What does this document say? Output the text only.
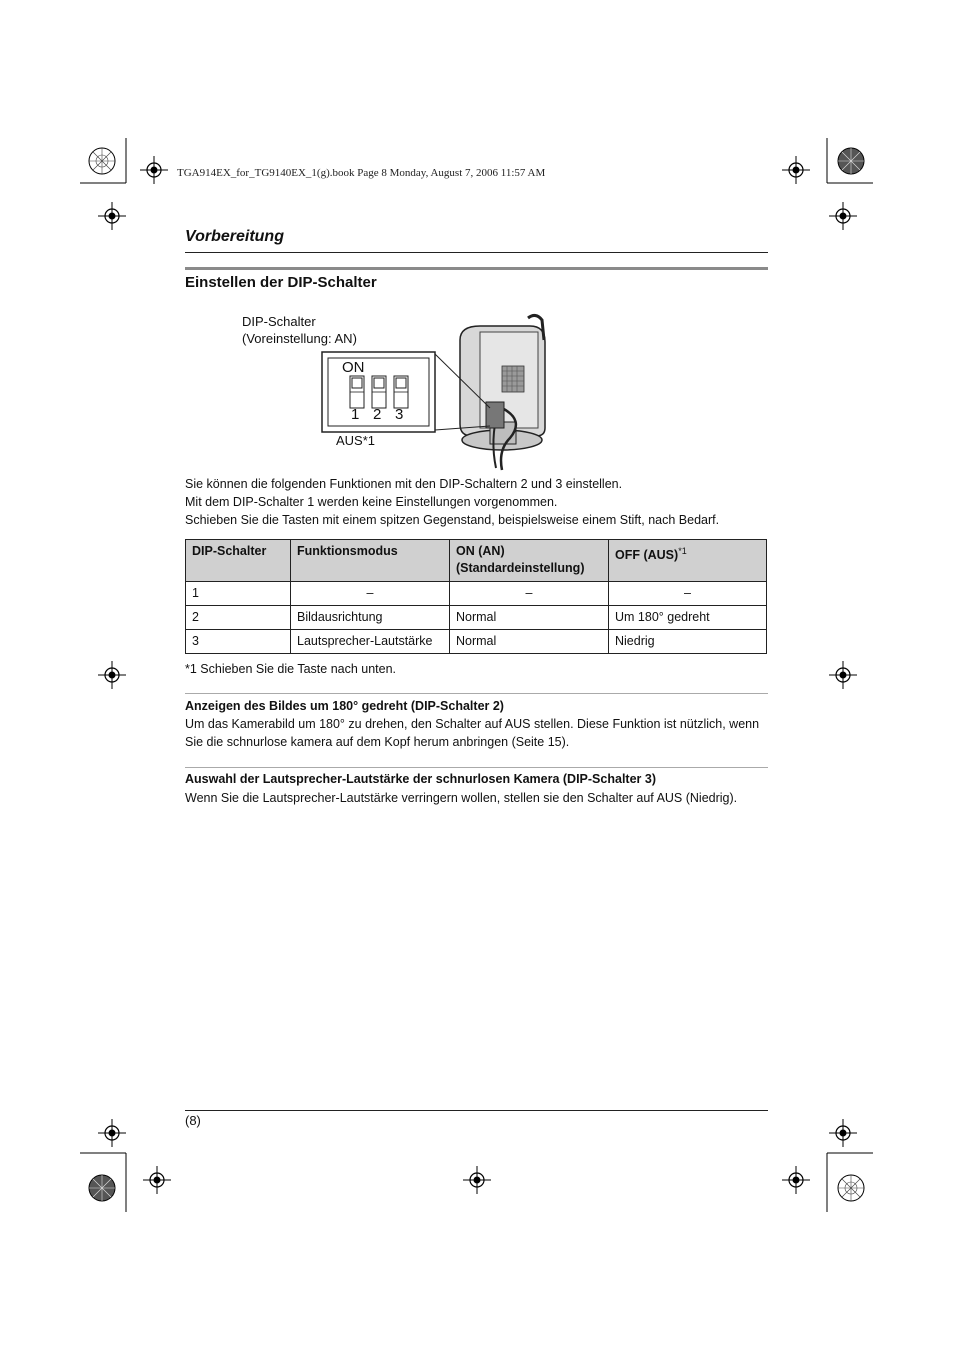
TGA914EX_for_TG9140EX_1(g).book Page 8 Monday, August 7, 2006 11:57 AM
Vorbereitung
Einstellen der DIP-Schalter
DIP-Schalter
(Voreinstellung: AN)
ON
1 2 3
AUS*1
Sie können die folgenden Funktionen mit den DIP-Schaltern 2 und 3 einstellen.
Mit dem DIP-Schalter 1 werden keine Einstellungen vorgenommen.
Schieben Sie die Tasten mit einem spitzen Gegenstand, beispielsweise einem Stift, nach Bedarf.
DIP-Schalter	Funktionsmodus	ON (AN)
(Standardeinstellung)	OFF (AUS)$^{*1}$
1	–	–	–
2	Bildausrichtung	Normal	Um 180° gedreht
3	Lautsprecher-Lautstärke	Normal	Niedrig
*1 Schieben Sie die Taste nach unten.
Anzeigen des Bildes um 180° gedreht (DIP-Schalter 2)
Um das Kamerabild um 180° zu drehen, den Schalter auf AUS stellen. Diese Funktion ist nützlich, wenn
Sie die schnurlose kamera auf dem Kopf herum anbringen (Seite 15).
Auswahl der Lautsprecher-Lautstärke der schnurlosen Kamera (DIP-Schalter 3)
Wenn Sie die Lautsprecher-Lautstärke verringern wollen, stellen sie den Schalter auf AUS (Niedrig).
(8)
